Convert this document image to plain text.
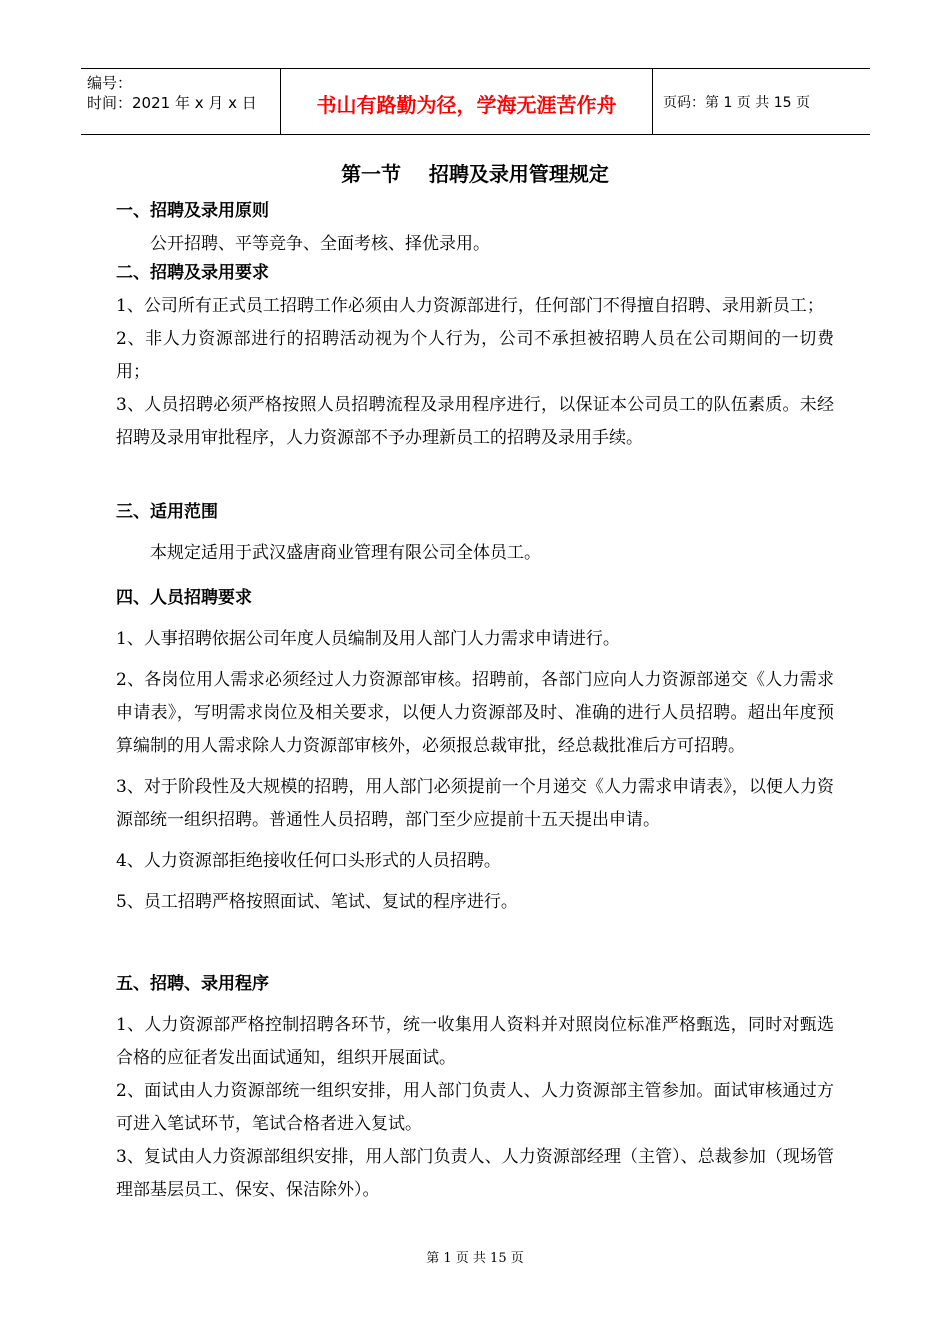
编号：
时间：2021 年 x 月 x 日	书山有路勤为径，学海无涯苦作舟	页码：第 1 页 共 15 页
第一节    招聘及录用管理规定
一、招聘及录用原则
公开招聘、平等竞争、全面考核、择优录用。
二、招聘及录用要求
1、公司所有正式员工招聘工作必须由人力资源部进行，任何部门不得擅自招聘、录用新员工；
2、非人力资源部进行的招聘活动视为个人行为，公司不承担被招聘人员在公司期间的一切费用；
3、人员招聘必须严格按照人员招聘流程及录用程序进行，以保证本公司员工的队伍素质。未经招聘及录用审批程序，人力资源部不予办理新员工的招聘及录用手续。
三、适用范围
本规定适用于武汉盛唐商业管理有限公司全体员工。
四、人员招聘要求
1、人事招聘依据公司年度人员编制及用人部门人力需求申请进行。
2、各岗位用人需求必须经过人力资源部审核。招聘前，各部门应向人力资源部递交《人力需求申请表》，写明需求岗位及相关要求，以便人力资源部及时、准确的进行人员招聘。超出年度预算编制的用人需求除人力资源部审核外，必须报总裁审批，经总裁批准后方可招聘。
3、对于阶段性及大规模的招聘，用人部门必须提前一个月递交《人力需求申请表》，以便人力资源部统一组织招聘。普通性人员招聘，部门至少应提前十五天提出申请。
4、人力资源部拒绝接收任何口头形式的人员招聘。
5、员工招聘严格按照面试、笔试、复试的程序进行。
五、招聘、录用程序
1、人力资源部严格控制招聘各环节，统一收集用人资料并对照岗位标准严格甄选，同时对甄选合格的应征者发出面试通知，组织开展面试。
2、面试由人力资源部统一组织安排，用人部门负责人、人力资源部主管参加。面试审核通过方可进入笔试环节，笔试合格者进入复试。
3、复试由人力资源部组织安排，用人部门负责人、人力资源部经理（主管）、总裁参加（现场管理部基层员工、保安、保洁除外）。
第 1 页 共 15 页
